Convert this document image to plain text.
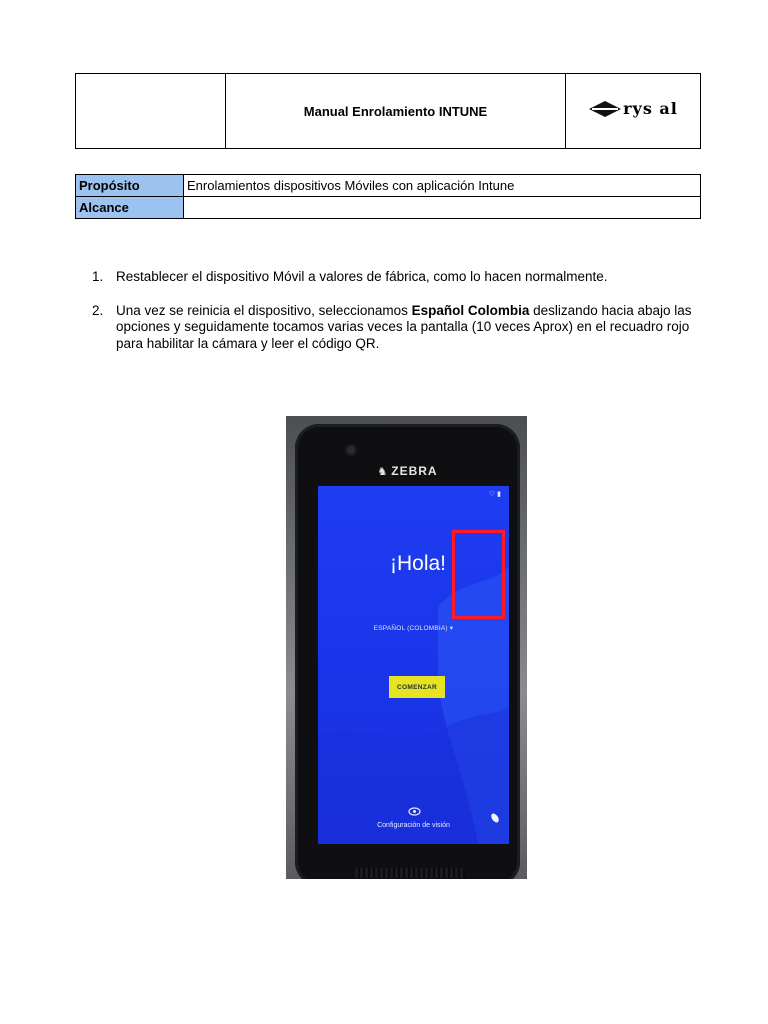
	Manual Enrolamiento INTUNE	rys al
Propósito	Enrolamientos dispositivos Móviles con aplicación Intune
Alcance	
1. Restablecer el dispositivo Móvil a valores de fábrica, como lo hacen normalmente.
2. Una vez se reinicia el dispositivo, seleccionamos Español Colombia deslizando hacia abajo las opciones y seguidamente tocamos varias veces la pantalla (10 veces Aprox) en el recuadro rojo para habilitar la cámara y leer el código QR.
♞ ZEBRA
♡ ▮
¡Hola!
ESPAÑOL (COLOMBIA) ▾
COMENZAR
Configuración de visión
